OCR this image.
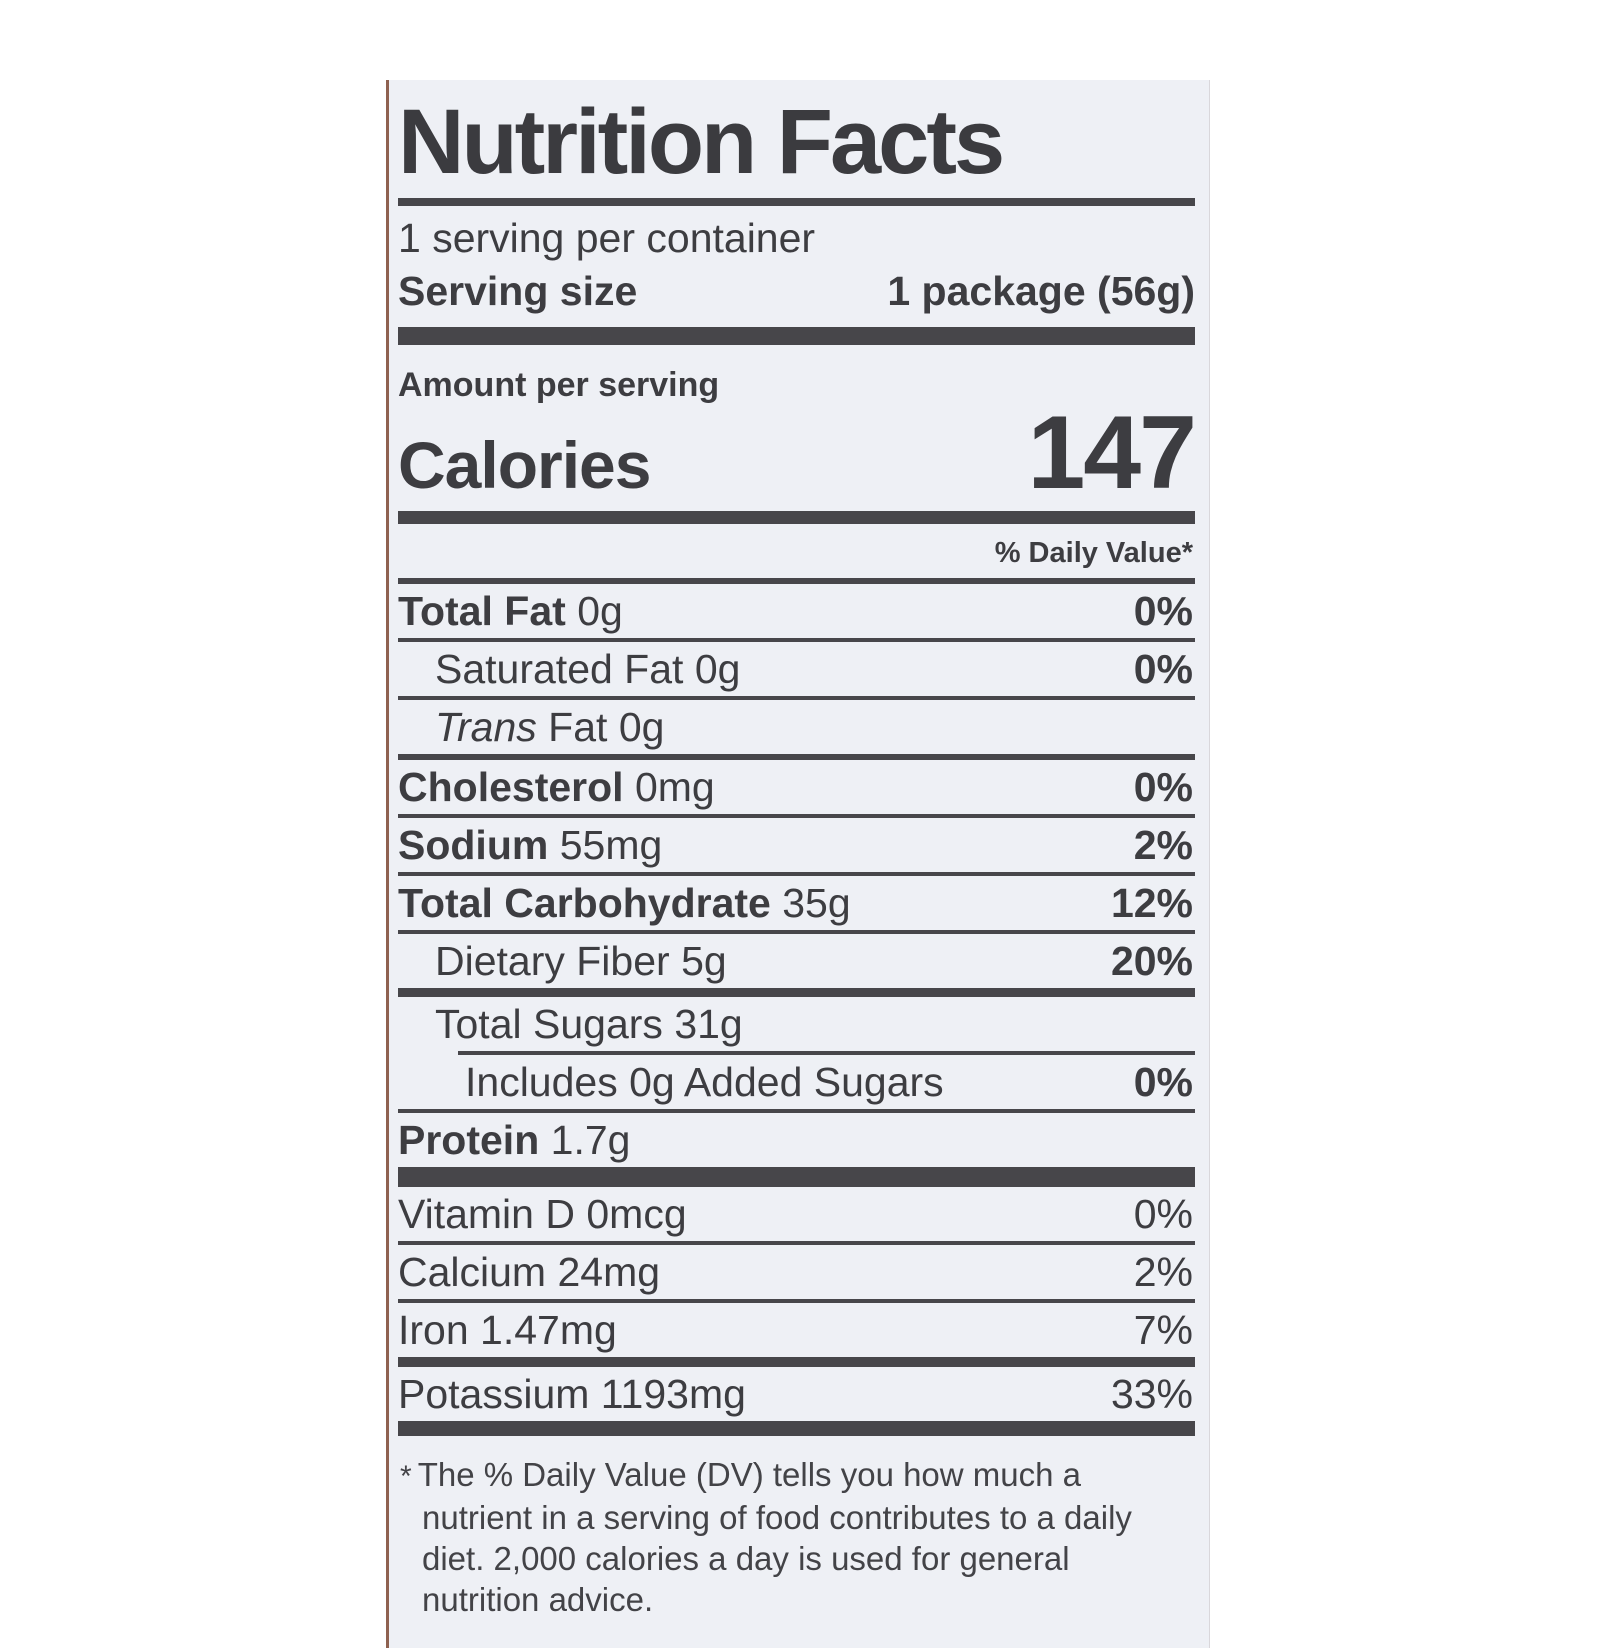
Nutrition Facts
1 serving per container
Serving size	1 package (56g)
Amount per serving
Calories	147
% Daily Value*
Total Fat 0g	0%
Saturated Fat 0g	0%
Trans Fat 0g
Cholesterol 0mg	0%
Sodium 55mg	2%
Total Carbohydrate 35g	12%
Dietary Fiber 5g	20%
Total Sugars 31g
Includes 0g Added Sugars	0%
Protein 1.7g
Vitamin D 0mcg	0%
Calcium 24mg	2%
Iron 1.47mg	7%
Potassium 1193mg	33%
* The % Daily Value (DV) tells you how much a nutrient in a serving of food contributes to a daily diet. 2,000 calories a day is used for general nutrition advice.
